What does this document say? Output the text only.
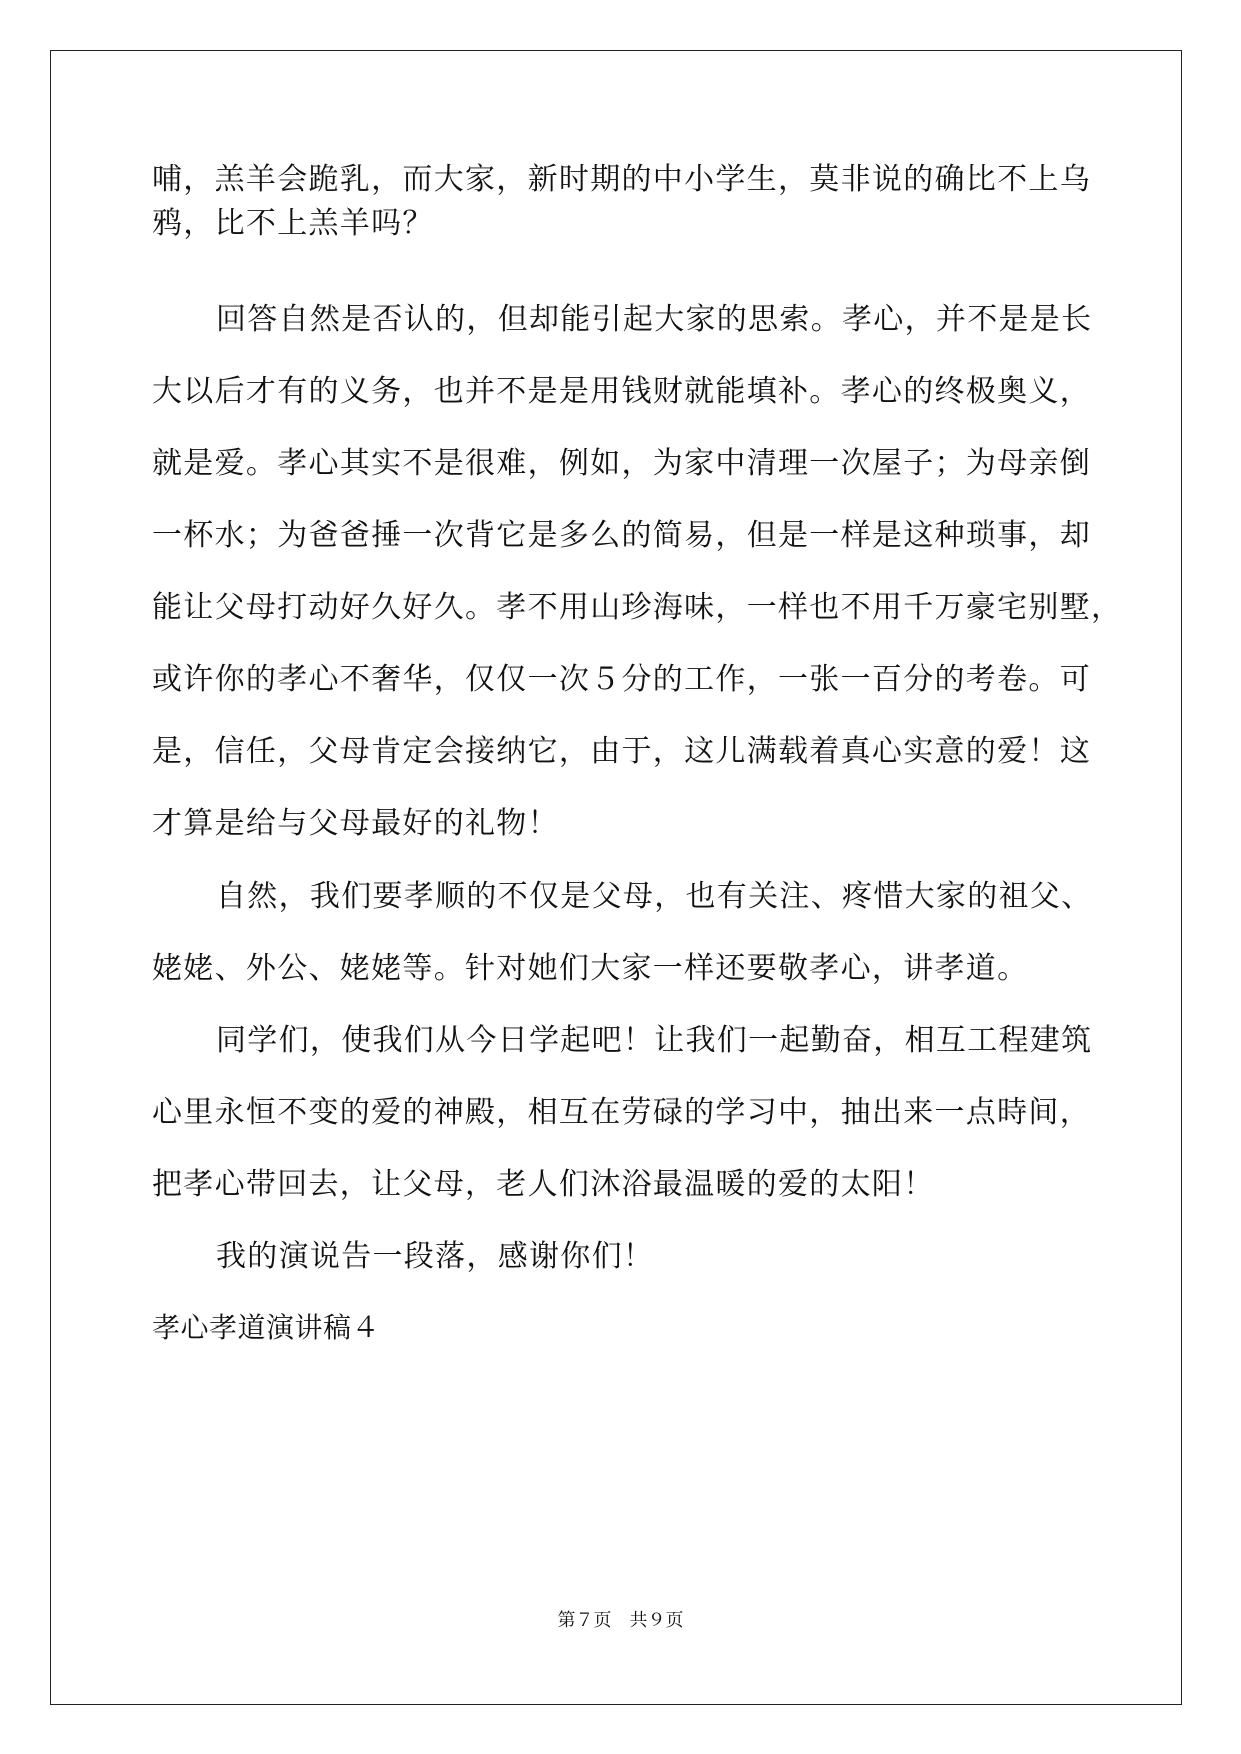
哺，羔羊会跪乳，而大家，新时期的中小学生，莫非说的确比不上乌
鸦，比不上羔羊吗？
回答自然是否认的，但却能引起大家的思索。孝心，并不是是长
大以后才有的义务，也并不是是用钱财就能填补。孝心的终极奥义，
就是爱。孝心其实不是很难，例如，为家中清理一次屋子；为母亲倒
一杯水；为爸爸捶一次背它是多么的简易，但是一样是这种琐事，却
能让父母打动好久好久。孝不用山珍海味，一样也不用千万豪宅别墅，
或许你的孝心不奢华，仅仅一次５分的工作，一张一百分的考卷。可
是，信任，父母肯定会接纳它，由于，这儿满载着真心实意的爱！这
才算是给与父母最好的礼物！
自然，我们要孝顺的不仅是父母，也有关注、疼惜大家的祖父、
姥姥、外公、姥姥等。针对她们大家一样还要敬孝心，讲孝道。
同学们，使我们从今日学起吧！让我们一起勤奋，相互工程建筑
心里永恒不变的爱的神殿，相互在劳碌的学习中，抽出来一点時间，
把孝心带回去，让父母，老人们沐浴最温暖的爱的太阳！
我的演说告一段落，感谢你们！
孝心孝道演讲稿４
第７页　共９页
